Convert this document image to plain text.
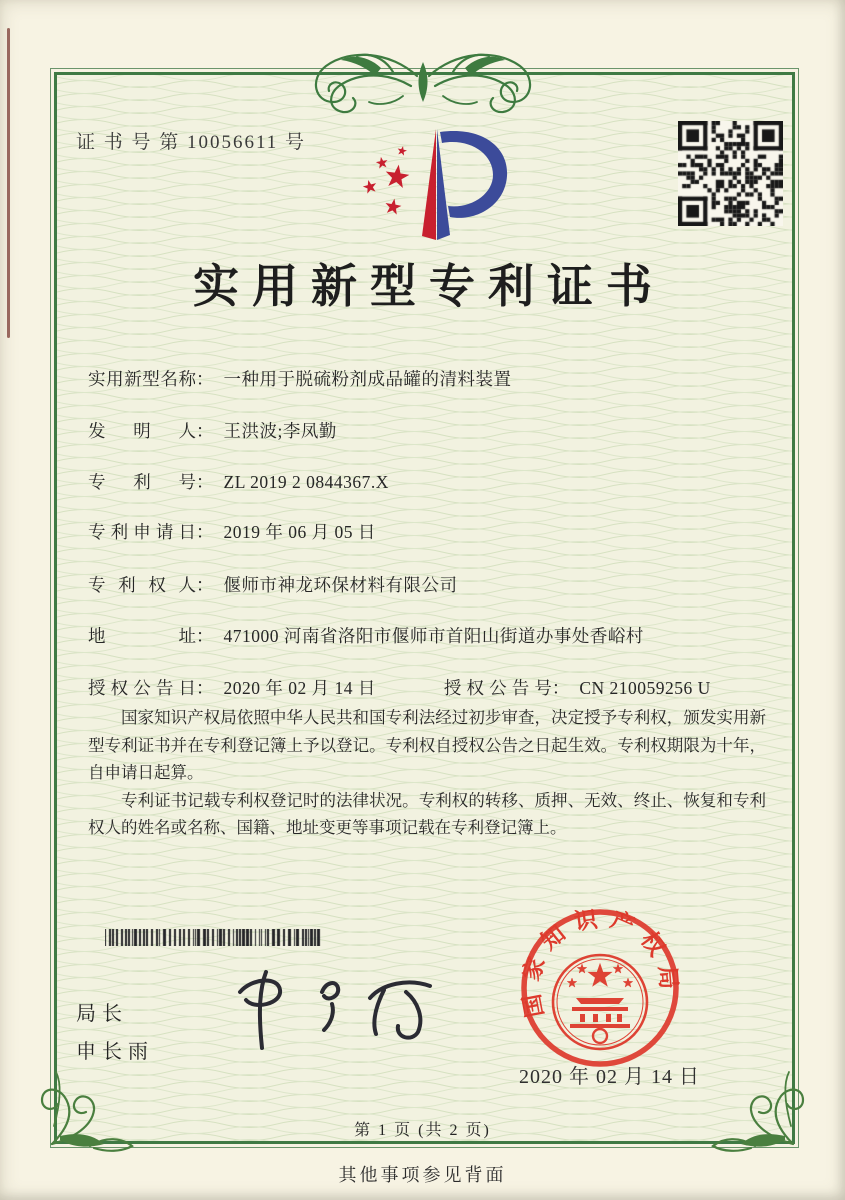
证 书 号 第 10056611 号
实用新型专利证书
实用新型名称： 一种用于脱硫粉剂成品罐的清料装置
发明人： 王洪波;李凤勤
专利号： ZL 2019 2 0844367.X
专利申请日： 2019 年 06 月 05 日
专利权人： 偃师市神龙环保材料有限公司
地址： 471000 河南省洛阳市偃师市首阳山街道办事处香峪村
授权公告日： 2020 年 02 月 14 日	授权公告号： CN 210059256 U

国家知识产权局依照中华人民共和国专利法经过初步审查，决定授予专利权，颁发实用新型专利证书并在专利登记簿上予以登记。专利权自授权公告之日起生效。专利权期限为十年，自申请日起算。

专利证书记载专利权登记时的法律状况。专利权的转移、质押、无效、终止、恢复和专利权人的姓名或名称、国籍、地址变更等事项记载在专利登记簿上。

局长
申长雨
国家知识产权局
2020 年 02 月 14 日
第 1 页 (共 2 页)
其他事项参见背面
